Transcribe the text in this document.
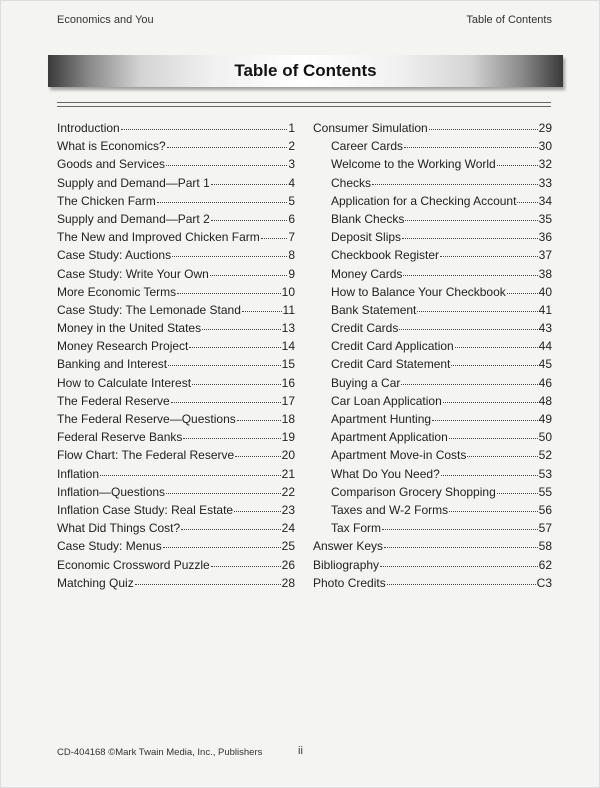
Economics and You	Table of Contents
Table of Contents
Introduction	1
What is Economics?	2
Goods and Services	3
Supply and Demand—Part 1	4
The Chicken Farm	5
Supply and Demand—Part 2	6
The New and Improved Chicken Farm 7
Case Study: Auctions	8
Case Study: Write Your Own	9
More Economic Terms	10
Case Study: The Lemonade Stand	11
Money in the United States	13
Money Research Project	14
Banking and Interest	15
How to Calculate Interest	16
The Federal Reserve	17
The Federal Reserve—Questions	18
Federal Reserve Banks	19
Flow Chart: The Federal Reserve	20
Inflation	21
Inflation—Questions	22
Inflation Case Study: Real Estate	23
What Did Things Cost?	24
Case Study: Menus	25
Economic Crossword Puzzle	26
Matching Quiz	28
Consumer Simulation	29
Career Cards	30
Welcome to the Working World	32
Checks	33
Application for a Checking Account 34
Blank Checks	35
Deposit Slips	36
Checkbook Register	37
Money Cards	38
How to Balance Your Checkbook	40
Bank Statement	41
Credit Cards	43
Credit Card Application	44
Credit Card Statement	45
Buying a Car	46
Car Loan Application	48
Apartment Hunting	49
Apartment Application	50
Apartment Move-in Costs	52
What Do You Need?	53
Comparison Grocery Shopping	55
Taxes and W-2 Forms	56
Tax Form	57
Answer Keys	58
Bibliography	62
Photo Credits	C3
CD-404168 ©Mark Twain Media, Inc., Publishers	ii
